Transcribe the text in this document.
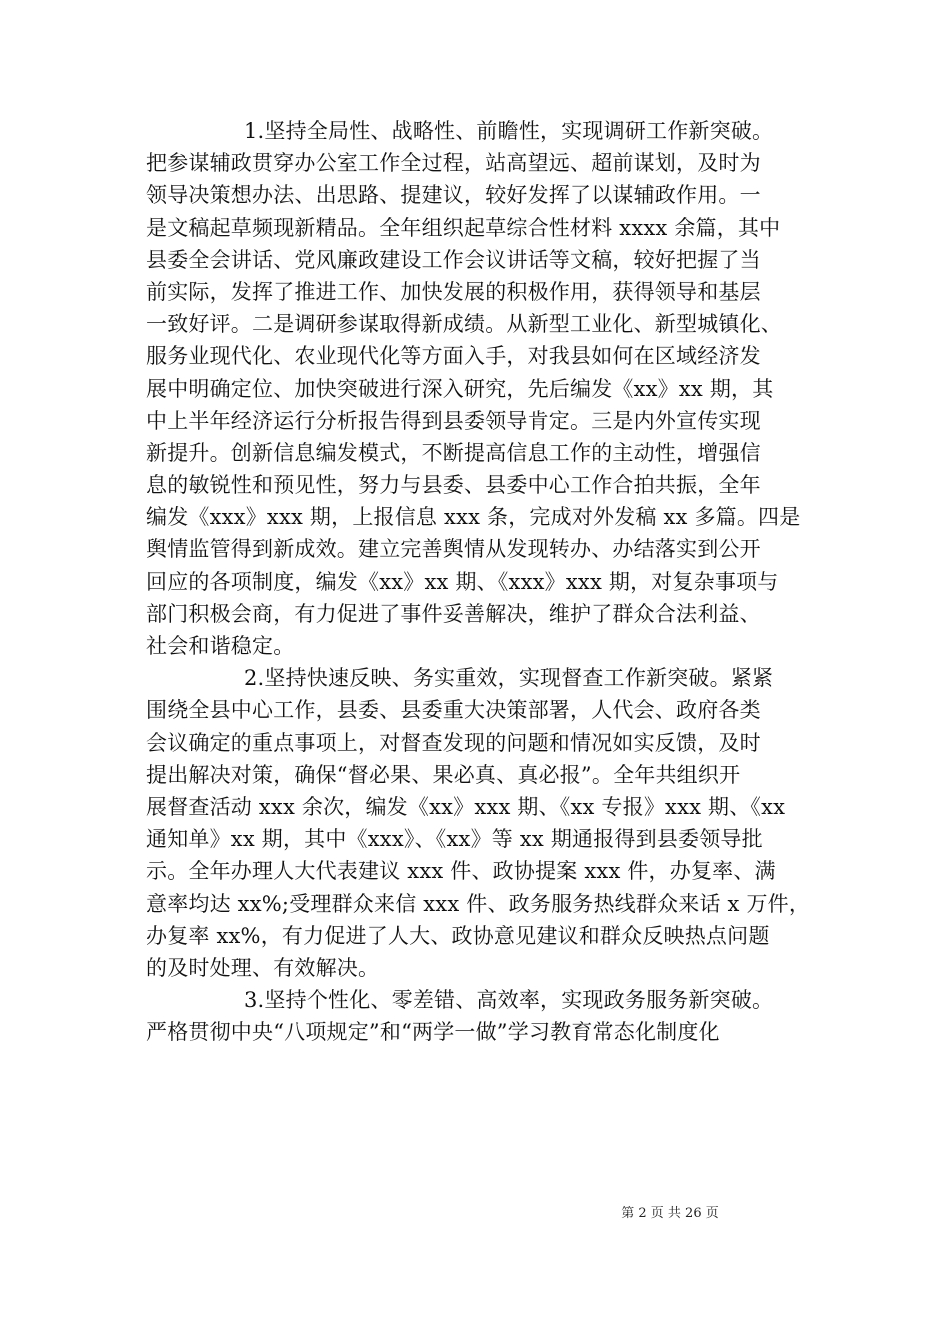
1.坚持全局性、战略性、前瞻性，实现调研工作新突破。
把参谋辅政贯穿办公室工作全过程，站高望远、超前谋划，及时为
领导决策想办法、出思路、提建议，较好发挥了以谋辅政作用。一
是文稿起草频现新精品。全年组织起草综合性材料 xxxx 余篇，其中
县委全会讲话、党风廉政建设工作会议讲话等文稿，较好把握了当
前实际，发挥了推进工作、加快发展的积极作用，获得领导和基层
一致好评。二是调研参谋取得新成绩。从新型工业化、新型城镇化、
服务业现代化、农业现代化等方面入手，对我县如何在区域经济发
展中明确定位、加快突破进行深入研究，先后编发《xx》xx 期，其
中上半年经济运行分析报告得到县委领导肯定。三是内外宣传实现
新提升。创新信息编发模式，不断提高信息工作的主动性，增强信
息的敏锐性和预见性，努力与县委、县委中心工作合拍共振，全年
编发《xxx》xxx 期，上报信息 xxx 条，完成对外发稿 xx 多篇。四是
舆情监管得到新成效。建立完善舆情从发现转办、办结落实到公开
回应的各项制度，编发《xx》xx 期、《xxx》xxx 期，对复杂事项与
部门积极会商，有力促进了事件妥善解决，维护了群众合法利益、
社会和谐稳定。
2.坚持快速反映、务实重效，实现督查工作新突破。紧紧
围绕全县中心工作，县委、县委重大决策部署，人代会、政府各类
会议确定的重点事项上，对督查发现的问题和情况如实反馈，及时
提出解决对策，确保“督必果、果必真、真必报”。全年共组织开
展督查活动 xxx 余次，编发《xx》xxx 期、《xx 专报》xxx 期、《xx
通知单》xx 期，其中《xxx》、《xx》等 xx 期通报得到县委领导批
示。全年办理人大代表建议 xxx 件、政协提案 xxx 件，办复率、满
意率均达 xx%;受理群众来信 xxx 件、政务服务热线群众来话 x 万件，
办复率 xx%，有力促进了人大、政协意见建议和群众反映热点问题
的及时处理、有效解决。
3.坚持个性化、零差错、高效率，实现政务服务新突破。
严格贯彻中央“八项规定”和“两学一做”学习教育常态化制度化
第 2 页 共 26 页
